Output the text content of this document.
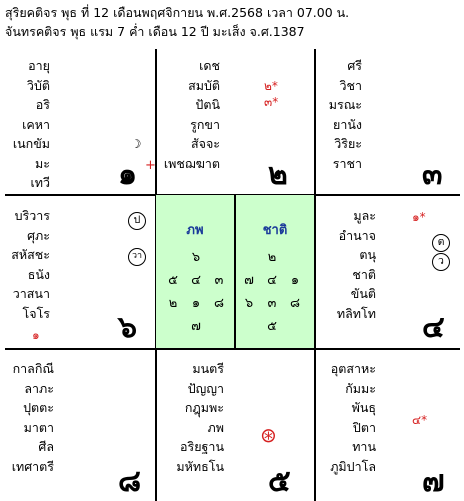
สุริยคติจร พุธ ที่ 12 เดือนพฤศจิกายน พ.ศ.2568 เวลา 07.00 น.
จันทรคติจร พุธ แรม 7 ค่ำ เดือน 12 ปี มะเส็ง จ.ศ.1387
อายุ
วิบัติ
อริ
เคหา
เนกขัมมะ
เทวี
☽
๑ +
เดช
สมบัติ
ปัตนิ
รูกขา
สัจจะ
เพชฌฆาต
๒*
๓*
๒
ศรี
วิชา
มรณะ
ยานัง
วิริยะ
ราชา ๓
บริวาร
ศุภะ
สหัสชะ
ธนัง
วาสนา
โจโร
๑
ป
วา
๖
ภพ
๖
๕	๔	๓
๒	๑	๘
๗
ชาติ
๒
๗	๔	๑
๖	๓	๘
๕
มูละ
อำนาจ
ตนุ
ชาติ
ขันติ
ทลิทโท
๑*
ต
ว
๔
กาลกิณี
ลาภะ
ปุตตะ
มาตา
ศีล
เทศาตรี ๘
มนตรี
ปัญญา
กฎุมพะ
ภพ
อริยฐาน
มหัทธโน
⊛
๕
อุตสาหะ
กัมมะ
พันธุ
ปิตา
ทาน
ภูมิปาโล
๔*
๗
